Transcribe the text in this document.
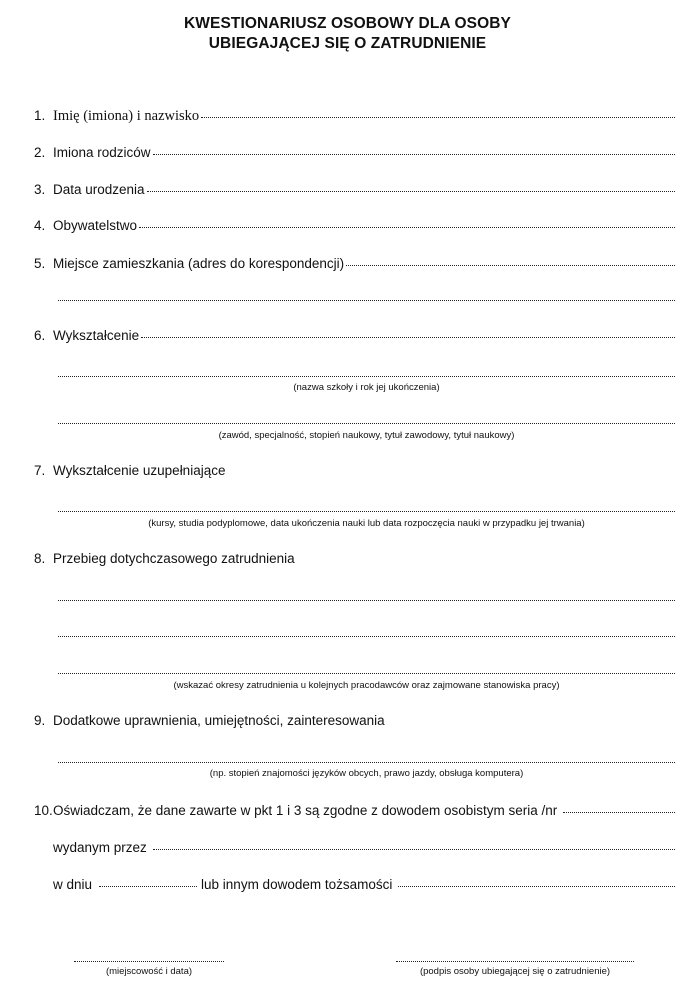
KWESTIONARIUSZ OSOBOWY DLA OSOBY
UBIEGAJĄCEJ SIĘ O ZATRUDNIENIE
1. Imię (imiona) i nazwisko
2. Imiona rodziców
3. Data urodzenia
4. Obywatelstwo
5. Miejsce zamieszkania (adres do korespondencji)
6. Wykształcenie
(nazwa szkoły i rok jej ukończenia)
(zawód, specjalność, stopień naukowy, tytuł zawodowy, tytuł naukowy)
7. Wykształcenie uzupełniające
(kursy, studia podyplomowe, data ukończenia nauki lub data rozpoczęcia nauki w przypadku jej trwania)
8. Przebieg dotychczasowego zatrudnienia
(wskazać okresy zatrudnienia u kolejnych pracodawców oraz zajmowane stanowiska pracy)
9. Dodatkowe uprawnienia, umiejętności, zainteresowania
(np. stopień znajomości języków obcych, prawo jazdy, obsługa komputera)
10. Oświadczam, że dane zawarte w pkt 1 i 3 są zgodne z dowodem osobistym seria /nr
wydanym przez
w dniu	lub innym dowodem tożsamości
(miejscowość i data)	(podpis osoby ubiegającej się o zatrudnienie)
